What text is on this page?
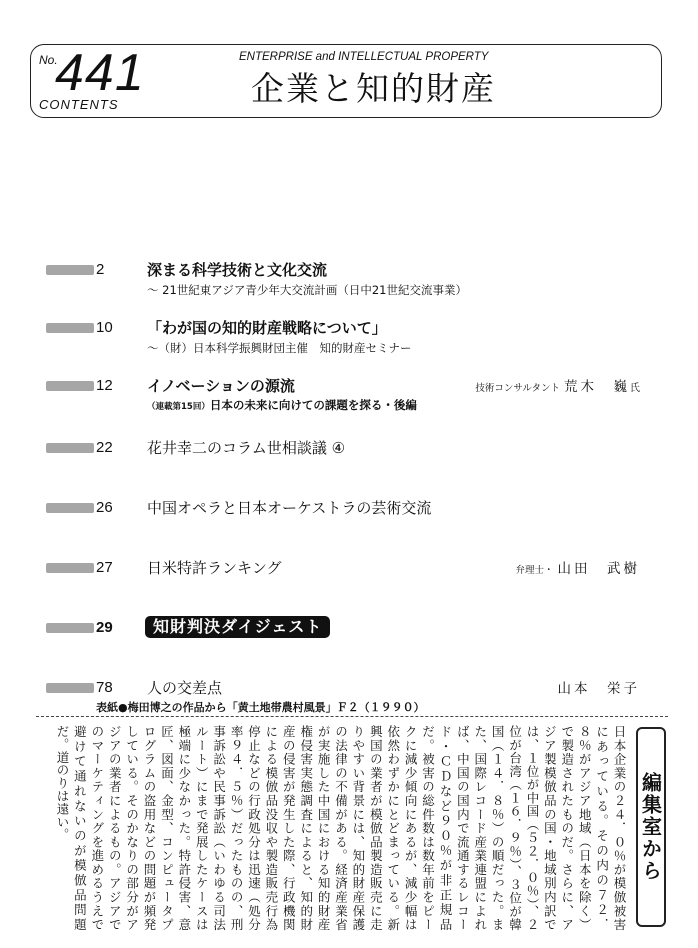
No.
441
CONTENTS
ENTERPRISE and INTELLECTUAL PROPERTY
企業と知的財産
2	深まる科学技術と文化交流
～ 21世紀東アジア青少年大交流計画（日中21世紀交流事業）
10 「わが国の知的財産戦略について」
～（財）日本科学振興財団主催　知的財産セミナー
12 イノベーションの源流
（連載第15回）日本の未来に向けての課題を探る・後編
技術コンサルタント 荒木　巍氏
22 花井幸二のコラム世相談議 ④
26 中国オペラと日本オーケストラの芸術交流
27 日米特許ランキング	弁理士・ 山田　武樹
29	知財判決ダイジェスト
78 人の交差点	山本　栄子
表紙●梅田博之の作品から「黄土地帯農村風景」Ｆ２（１９９０）
編集室から
日本企業の２４．０％が模倣被害にあっている。その内の７２．８％がアジア地域（日本を除く）で製造されたものだ。さらに、アジア製模倣品の国・地域別内訳では、１位が中国（５２．０％）、２位が台湾（１６．９％）、３位が韓国（１４．８％）の順だった。また、国際レコード産業連盟によれば、中国の国内で流通するレコード・ＣＤなど９０％が非正規品だ。被害の総件数は数年前をピークに減少傾向にあるが、減少幅は依然わずかにとどまっている。新興国の業者が模倣品製造販売に走りやすい背景には、知的財産保護の法律の不備がある。経済産業省が実施した中国における知的財産権侵害実態調査によると、知的財産の侵害が発生した際、行政機関による模倣品没収や製造販売行為停止などの行政処分は迅速（処分率９４．５％）だったものの、刑事訴訟や民事訴訟（いわゆる司法ルート）にまで発展したケースは極端に少なかった。特許侵害、意匠、図面、金型、コンピュータプログラムの盗用などの問題が頻発している。そのかなりの部分がアジアの業者によるもの。アジアでのマーケティングを進めるうえで避けて通れないのが模倣品問題だ。道のりは遠い。
